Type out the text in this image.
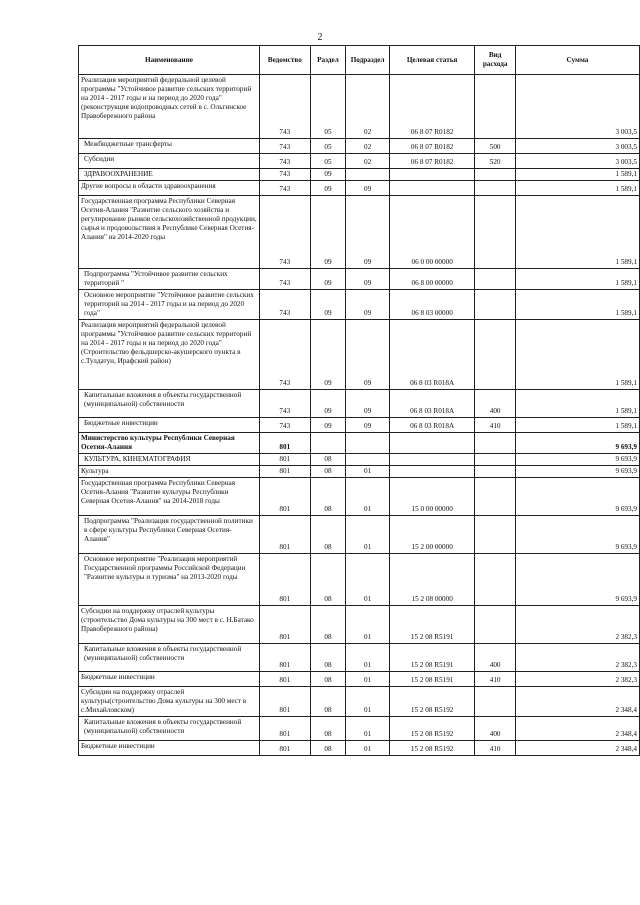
2
Наименование	Ведомство	Раздел	Подраздел	Целевая статья	Вид расхода	Сумма
Реализация мероприятий федеральной целевой программы "Устойчивое развитие сельских территорий на 2014 - 2017 годы и на период до 2020 года" (реконструкция водопроводных сетей в с. Ольгинское Правобережного района	743	05	02	06 8 07 R0182		3 003,5
Межбюджетные трансферты	743	05	02	06 8 07 R0182	500	3 003,5
Субсидии	743	05	02	06 8 07 R0182	520	3 003,5
ЗДРАВООХРАНЕНИЕ	743	09				1 589,1
Другие вопросы в области здравоохранения	743	09	09			1 589,1
Государственная программа Республики Северная Осетия-Алания "Развитие сельского хозяйства и регулирование рынков сельскохозяйственной продукции, сырья и продовольствия в Республике Северная Осетия-Алания" на 2014-2020 годы	743	09	09	06 0 00 00000		1 589,1
Подпрограмма "Устойчивое развитие сельских территорий "	743	09	09	06 8 00 00000		1 589,1
Основное мероприятие "Устойчивое развитие сельских территорий на 2014 - 2017 годы и на период до 2020 года"	743	09	09	06 8 03 00000		1 589,1
Реализация мероприятий федеральной целевой программы "Устойчивое развитие сельских территорий на 2014 - 2017 годы и на период до 2020 года" (Строительство фельдшерско-акушерского пункта в с.Тулдатун, Ирафский район)	743	09	09	06 8 03 R018A		1 589,1
Капитальные вложения в объекты государственной (муниципальной) собственности	743	09	09	06 8 03 R018A	400	1 589,1
Бюджетные инвестиции	743	09	09	06 8 03 R018A	410	1 589,1
Министерство культуры Республики Северная Осетия-Алания	801					9 693,9
КУЛЬТУРА, КИНЕМАТОГРАФИЯ	801	08				9 693,9
Культура	801	08	01			9 693,9
Государственная программа Республики Северная Осетия-Алания "Развитие культуры Республики Северная Осетия-Алания" на 2014-2018 годы	801	08	01	15 0 00 00000		9 693,9
Подпрограмма "Реализация государственной политики в сфере культуры Республики Северная Осетия-Алания"	801	08	01	15 2 00 00000		9 693,9
Основное мероприятие "Реализация мероприятий Государственной программы Российской Федерации "Развитие культуры и туризма" на 2013-2020 годы	801	08	01	15 2 08 00000		9 693,9
Субсидии на поддержку отраслей культуры (строительство Дома культуры на 300 мест в с. Н.Батако Правобережного района)	801	08	01	15 2 08 R5191		2 382,3
Капитальные вложения в объекты государственной (муниципальной) собственности	801	08	01	15 2 08 R5191	400	2 382,3
Бюджетные инвестиции	801	08	01	15 2 08 R5191	410	2 382,3
Субсидии на поддержку отраслей культуры(строительство Дома культуры на 300 мест в с.Михайловском)	801	08	01	15 2 08 R5192		2 348,4
Капитальные вложения в объекты государственной (муниципальной) собственности	801	08	01	15 2 08 R5192	400	2 348,4
Бюджетные инвестиции	801	08	01	15 2 08 R5192	410	2 348,4
